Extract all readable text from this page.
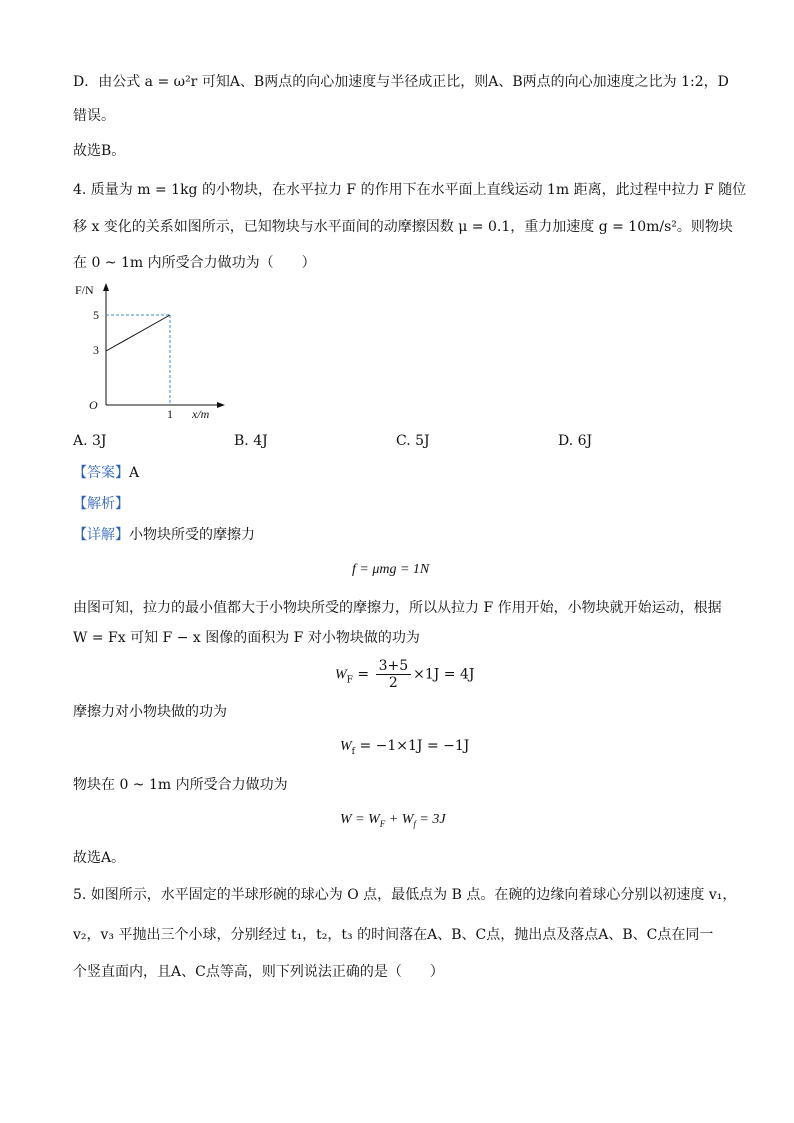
D．由公式 a = ω²r 可知A、B两点的向心加速度与半径成正比，则A、B两点的向心加速度之比为 1:2，D
错误。
故选B。
4. 质量为 m = 1kg 的小物块，在水平拉力 F 的作用下在水平面上直线运动 1m 距离，此过程中拉力 F 随位
移 x 变化的关系如图所示，已知物块与水平面间的动摩擦因数 μ = 0.1，重力加速度 g = 10m/s²。则物块
在 0 ~ 1m 内所受合力做功为（　　）
F/N
5
3
O
1 x/m
A. 3J	B. 4J	C. 5J	D. 6J
【答案】A
【解析】
【详解】小物块所受的摩擦力
f = μmg = 1N
由图可知，拉力的最小值都大于小物块所受的摩擦力，所以从拉力 F 作用开始，小物块就开始运动，根据
W = Fx 可知 F − x 图像的面积为 F 对小物块做的功为
$W_F = \frac{3+5}{2} \times 1J = 4J$
摩擦力对小物块做的功为
$W_f = -1\times 1J = -1J$
物块在 0 ~ 1m 内所受合力做功为
$W = W_F + W_f = 3J$
故选A。
5. 如图所示，水平固定的半球形碗的球心为 O 点，最低点为 B 点。在碗的边缘向着球心分别以初速度 v₁，
v₂，v₃ 平抛出三个小球，分别经过 t₁，t₂，t₃ 的时间落在A、B、C点，抛出点及落点A、B、C点在同一
个竖直面内，且A、C点等高，则下列说法正确的是（　　）
